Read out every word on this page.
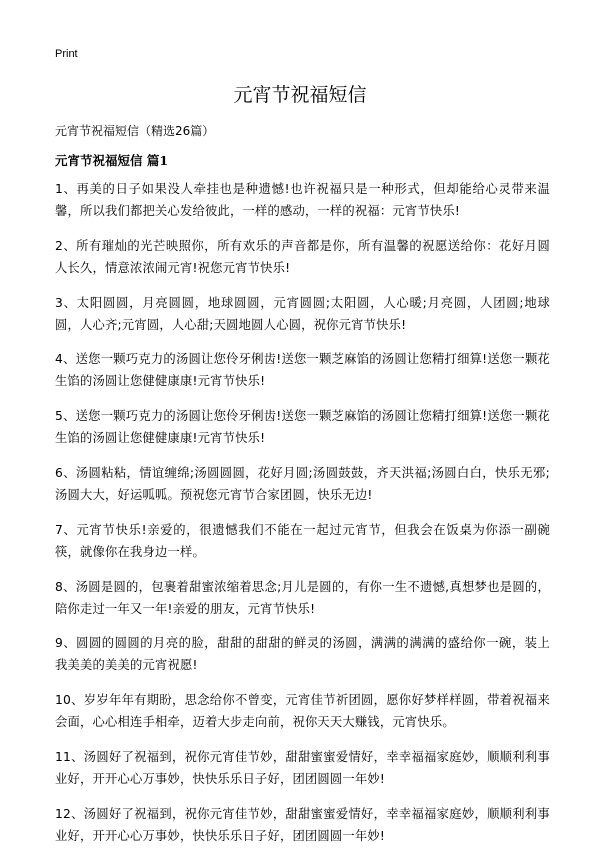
Print
元宵节祝福短信
元宵节祝福短信（精选26篇）
元宵节祝福短信 篇1

1、再美的日子如果没人牵挂也是种遗憾!也许祝福只是一种形式，但却能给心灵带来温馨，所以我们都把关心发给彼此，一样的感动，一样的祝福：元宵节快乐!

2、所有璀灿的光芒映照你，所有欢乐的声音都是你，所有温馨的祝愿送给你：花好月圆人长久，情意浓浓闹元宵!祝您元宵节快乐!

3、太阳圆圆，月亮圆圆，地球圆圆，元宵圆圆;太阳圆，人心暖;月亮圆，人团圆;地球圆，人心齐;元宵圆，人心甜;天圆地圆人心圆，祝你元宵节快乐!

4、送您一颗巧克力的汤圆让您伶牙俐齿!送您一颗芝麻馅的汤圆让您精打细算!送您一颗花生馅的汤圆让您健健康康!元宵节快乐!

5、送您一颗巧克力的汤圆让您伶牙俐齿!送您一颗芝麻馅的汤圆让您精打细算!送您一颗花生馅的汤圆让您健健康康!元宵节快乐!

6、汤圆粘粘，情谊缠绵;汤圆圆圆，花好月圆;汤圆鼓鼓，齐天洪福;汤圆白白，快乐无邪;汤圆大大，好运呱呱。预祝您元宵节合家团圆，快乐无边!

7、元宵节快乐!亲爱的，很遗憾我们不能在一起过元宵节，但我会在饭桌为你添一副碗筷，就像你在我身边一样。

8、汤圆是圆的，包裹着甜蜜浓缩着思念;月儿是圆的，有你一生不遗憾,真想梦也是圆的，陪你走过一年又一年!亲爱的朋友，元宵节快乐!

9、圆圆的圆圆的月亮的脸，甜甜的甜甜的鲜灵的汤圆，满满的满满的盛给你一碗，装上我美美的美美的元宵祝愿!

10、岁岁年年有期盼，思念给你不曾变，元宵佳节祈团圆，愿你好梦样样圆，带着祝福来会面，心心相连手相牵，迈着大步走向前，祝你天天大赚钱，元宵快乐。

11、汤圆好了祝福到，祝你元宵佳节妙，甜甜蜜蜜爱情好，幸幸福福家庭妙，顺顺利利事业好，开开心心万事妙，快快乐乐日子好，团团圆圆一年妙!

12、汤圆好了祝福到，祝你元宵佳节妙，甜甜蜜蜜爱情好，幸幸福福家庭妙，顺顺利利事业好，开开心心万事妙，快快乐乐日子好，团团圆圆一年妙!
